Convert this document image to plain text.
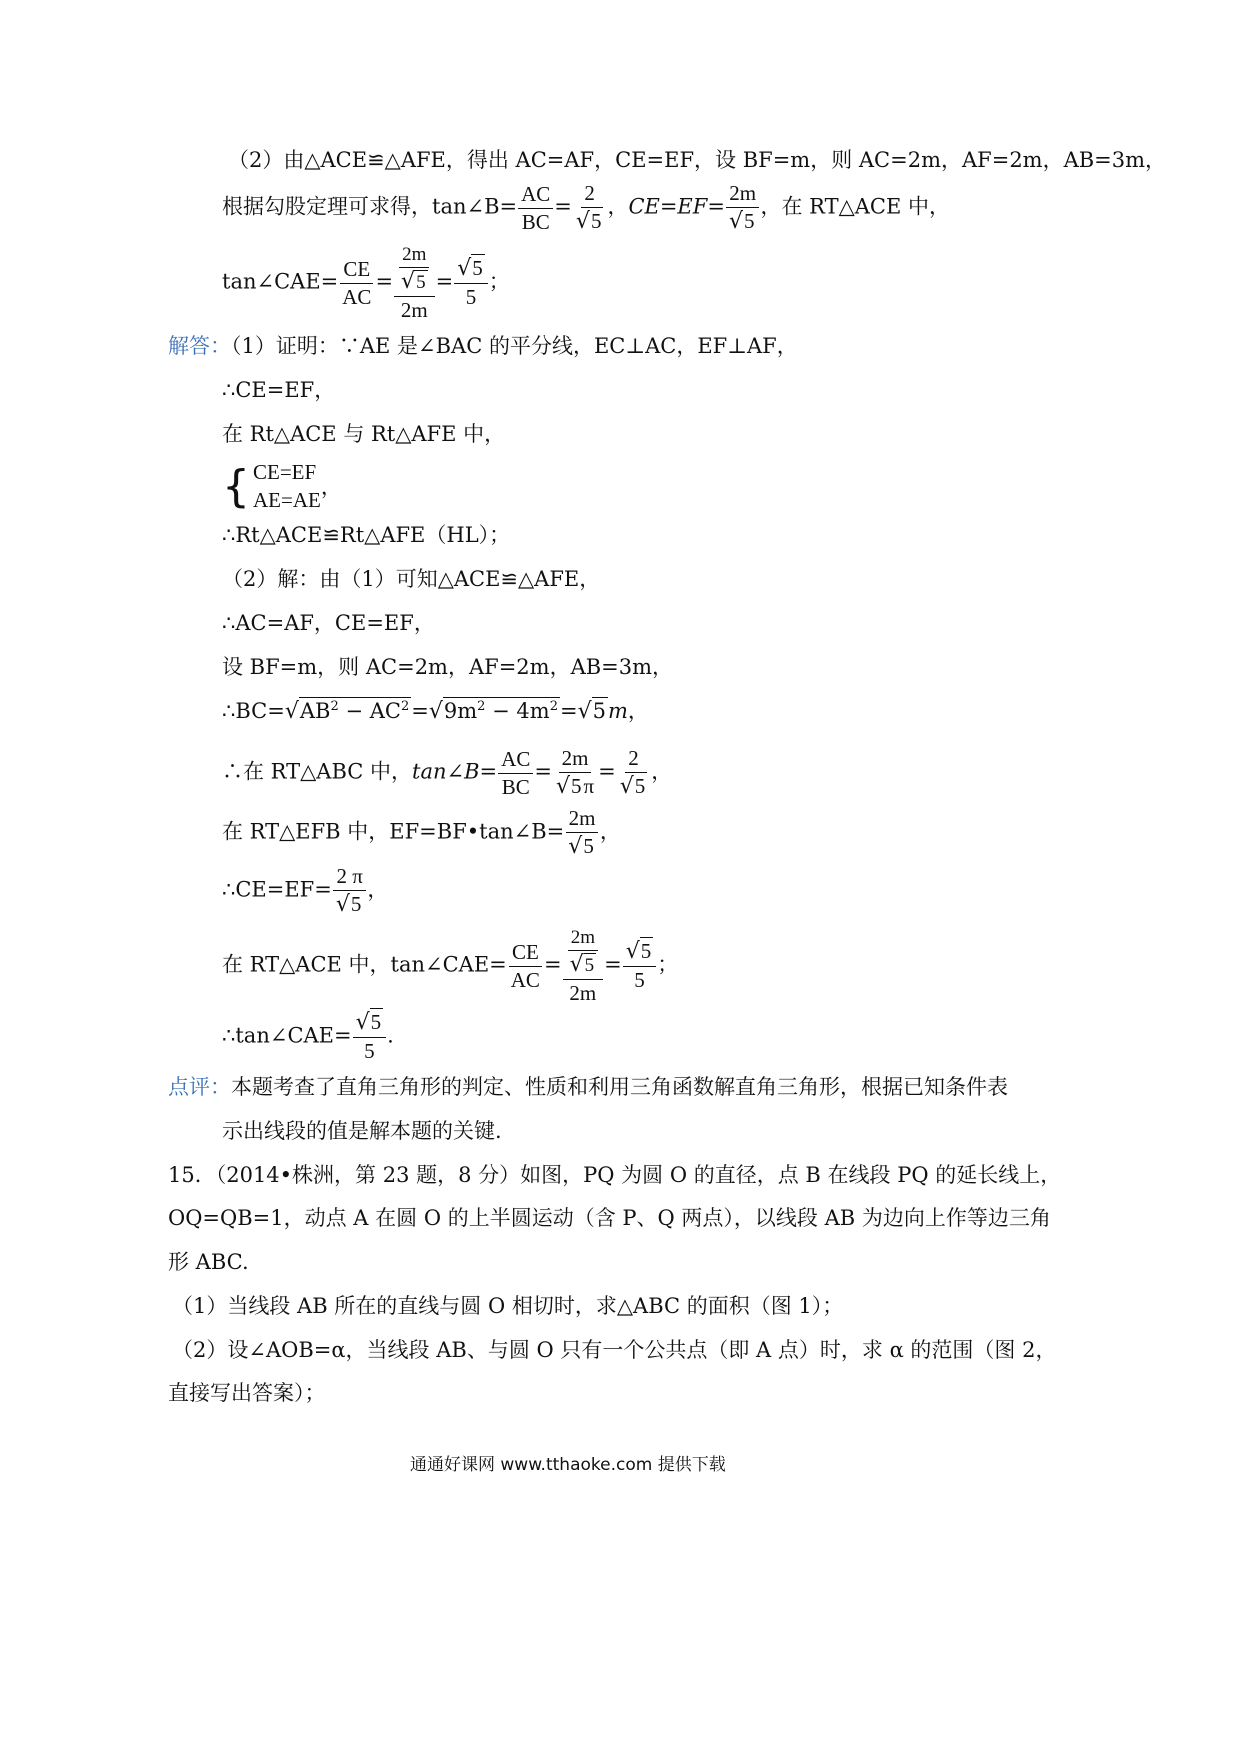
（2）由△ACE≌△AFE，得出 AC=AF，CE=EF，设 BF=m，则 AC=2m，AF=2m，AB=3m，
根据勾股定理可求得，tan∠B= $\frac{AC}{BC} = \frac{2}{√5}$ ，$CE=EF= \frac{2m}{√5}$ ，在 RT△ACE 中，
tan∠CAE= $\frac{CE}{AC} = \frac{\frac{2m}{√5}}{2m} = \frac{√5}{5}$ ；
解答：（1）证明：∵AE 是∠BAC 的平分线，EC⊥AC，EF⊥AF，
∴CE=EF，
在 Rt△ACE 与 Rt△AFE 中，
{ CE=EF
AE=AE
，
∴Rt△ACE≌Rt△AFE（HL）；
（2）解：由（1）可知△ACE≌△AFE，
∴AC=AF，CE=EF，
设 BF=m，则 AC=2m，AF=2m，AB=3m，
$\therefore BC=√AB^2 - AC^2=√9m^2 - 4m^2=√5m$，
∴在 RT△ABC 中，tan∠B= $\frac{AC}{BC} = \frac{2m}{√5\pi} = \frac{2}{√5}$ ，
在 RT△EFB 中，EF=BF•tan∠B= $\frac{2m}{√5}$ ，
∴CE=EF= $\frac{2 \pi}{√5}$ ，
在 RT△ACE 中，tan∠CAE= $\frac{CE}{AC} = \frac{\frac{2m}{√5}}{2m} = \frac{√5}{5}$ ；
∴tan∠CAE= $\frac{√5}{5}$ .
点评：本题考查了直角三角形的判定、性质和利用三角函数解直角三角形，根据已知条件表
示出线段的值是解本题的关键.
15．（2014•株洲，第 23 题，8 分）如图，PQ 为圆 O 的直径，点 B 在线段 PQ 的延长线上，
OQ=QB=1，动点 A 在圆 O 的上半圆运动（含 P、Q 两点），以线段 AB 为边向上作等边三角
形 ABC.
（1）当线段 AB 所在的直线与圆 O 相切时，求△ABC 的面积（图 1）；
（2）设∠AOB=α，当线段 AB、与圆 O 只有一个公共点（即 A 点）时，求 α 的范围（图 2，
直接写出答案）；
通通好课网 www.tthaoke.com 提供下载
